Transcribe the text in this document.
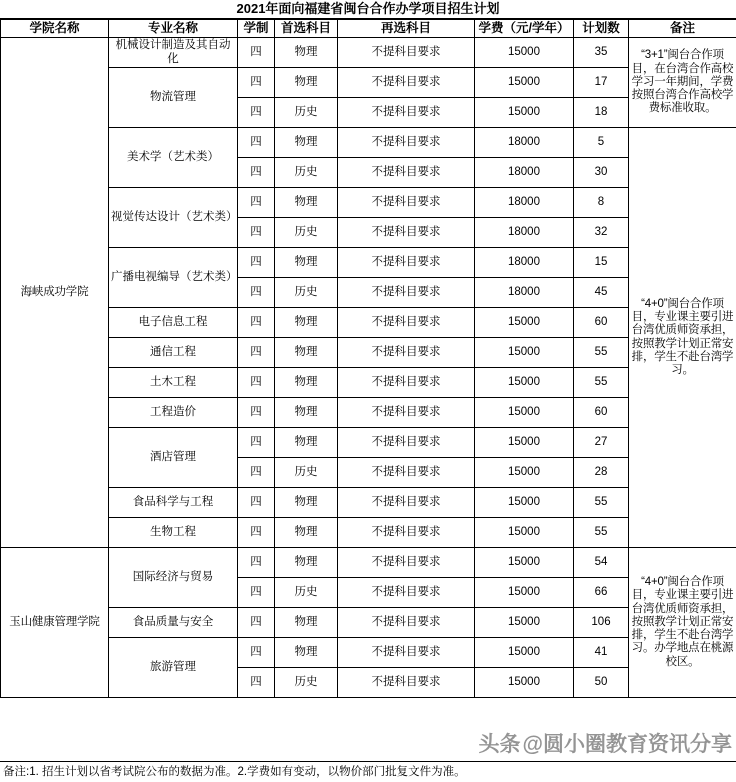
2021年面向福建省闽台合作办学项目招生计划
学院名称	专业名称	学制	首选科目	再选科目	学费（元/学年）	计划数	备注
海峡成功学院	机械设计制造及其自动化	四	物理	不提科目要求	15000	35	“3+1”闽台合作项目，在台湾合作高校学习一年期间，学费按照台湾合作高校学费标准收取。
	物流管理	四	物理	不提科目要求	15000	17	
		四	历史	不提科目要求	15000	18	
	美术学（艺术类）	四	物理	不提科目要求	18000	5	“4+0”闽台合作项目，专业课主要引进台湾优质师资承担，按照教学计划正常安排，学生不赴台湾学习。
		四	历史	不提科目要求	18000	30	
	视觉传达设计（艺术类）	四	物理	不提科目要求	18000	8	
		四	历史	不提科目要求	18000	32	
	广播电视编导（艺术类）	四	物理	不提科目要求	18000	15	
		四	历史	不提科目要求	18000	45	
	电子信息工程	四	物理	不提科目要求	15000	60	
	通信工程	四	物理	不提科目要求	15000	55	
	土木工程	四	物理	不提科目要求	15000	55	
	工程造价	四	物理	不提科目要求	15000	60	
	酒店管理	四	物理	不提科目要求	15000	27	
		四	历史	不提科目要求	15000	28	
	食品科学与工程	四	物理	不提科目要求	15000	55	
	生物工程	四	物理	不提科目要求	15000	55	
玉山健康管理学院	国际经济与贸易	四	物理	不提科目要求	15000	54	“4+0”闽台合作项目，专业课主要引进台湾优质师资承担，按照教学计划正常安排，学生不赴台湾学习。办学地点在桃源校区。
		四	历史	不提科目要求	15000	66	
	食品质量与安全	四	物理	不提科目要求	15000	106	
	旅游管理	四	物理	不提科目要求	15000	41	
		四	历史	不提科目要求	15000	50	
头条@圆小圈教育资讯分享
备注:1. 招生计划以省考试院公布的数据为准。2.学费如有变动，以物价部门批复文件为准。
